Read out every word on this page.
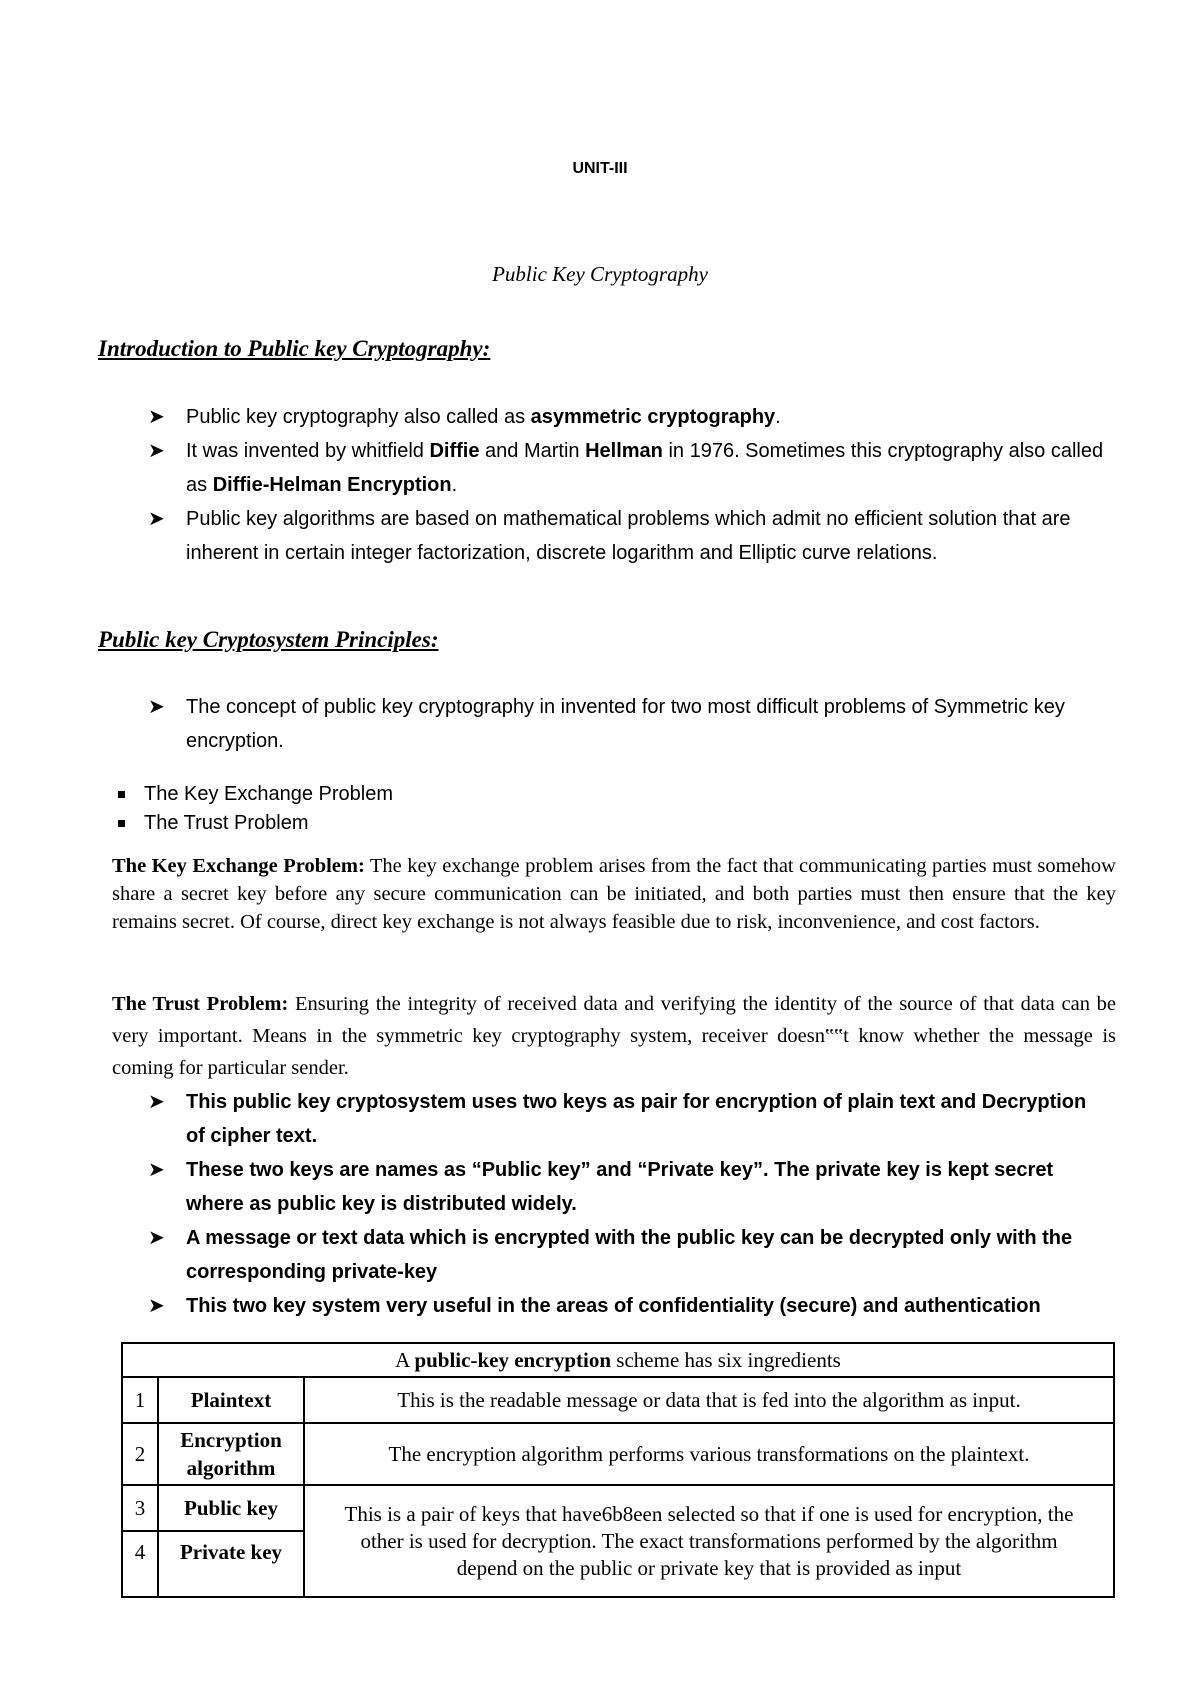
UNIT-III
Public Key Cryptography
Introduction to Public key Cryptography:
➤ Public key cryptography also called as asymmetric cryptography.
➤ It was invented by whitfield Diffie and Martin Hellman in 1976. Sometimes this cryptography also called as Diffie-Helman Encryption.
➤ Public key algorithms are based on mathematical problems which admit no efficient solution that are inherent in certain integer factorization, discrete logarithm and Elliptic curve relations.
Public key Cryptosystem Principles:
➤ The concept of public key cryptography in invented for two most difficult problems of Symmetric key encryption.
The Key Exchange Problem
The Trust Problem
The Key Exchange Problem: The key exchange problem arises from the fact that communicating parties must somehow share a secret key before any secure communication can be initiated, and both parties must then ensure that the key remains secret. Of course, direct key exchange is not always feasible due to risk, inconvenience, and cost factors.
The Trust Problem: Ensuring the integrity of received data and verifying the identity of the source of that data can be very important. Means in the symmetric key cryptography system, receiver doesn‟‟t know whether the message is coming for particular sender.
➤ This public key cryptosystem uses two keys as pair for encryption of plain text and Decryption of cipher text.
➤ These two keys are names as “Public key” and “Private key”. The private key is kept secret where as public key is distributed widely.
➤ A message or text data which is encrypted with the public key can be decrypted only with the corresponding private-key
➤ This two key system very useful in the areas of confidentiality (secure) and authentication
A public-key encryption scheme has six ingredients		
1	Plaintext	This is the readable message or data that is fed into the algorithm as input.
2	Encryption algorithm	The encryption algorithm performs various transformations on the plaintext.
3	Public key	This is a pair of keys that have6b8een selected so that if one is used for encryption, the other is used for decryption. The exact transformations performed by the algorithm depend on the public or private key that is provided as input
4	Private key	
